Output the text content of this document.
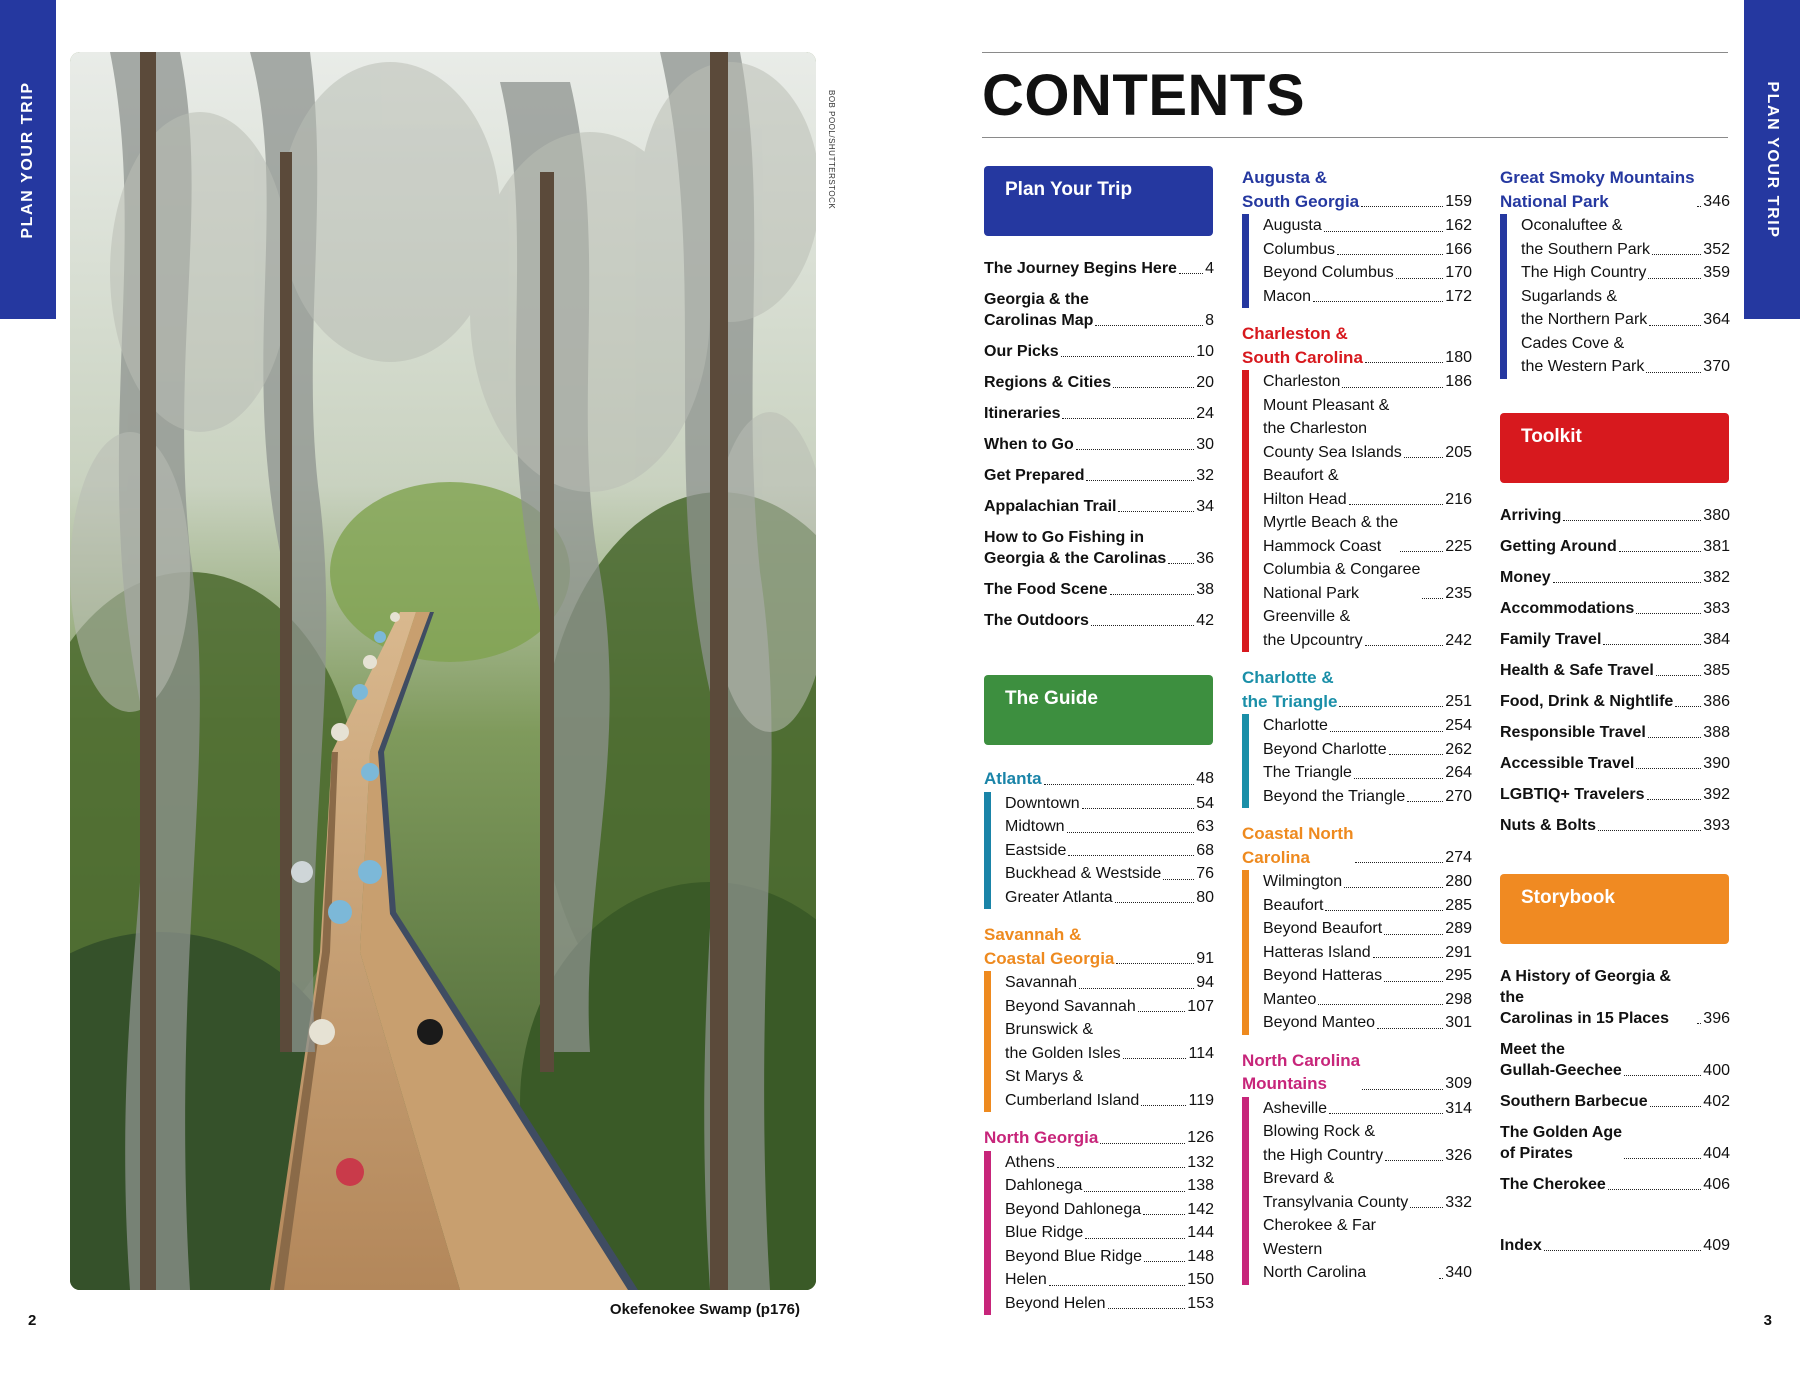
PLAN YOUR TRIP	PLAN YOUR TRIP
BOB POOL/SHUTTERSTOCK
Okefenokee Swamp (p176)
2	3
CONTENTS
Plan Your Trip
The Journey Begins Here 4
Georgia & the
Carolinas Map	8
Our Picks	10
Regions & Cities	20
Itineraries	24
When to Go	30
Get Prepared	32
Appalachian Trail	34
How to Go Fishing in
Georgia & the Carolinas 36
The Food Scene	38
The Outdoors	42
The Guide
Atlanta	48
Downtown	54
Midtown	63
Eastside	68
Buckhead & Westside 76
Greater Atlanta	80
Savannah &
Coastal Georgia	91
Savannah	94
Beyond Savannah	107
Brunswick &
the Golden Isles	114
St Marys &
Cumberland Island	119
North Georgia	126
Athens	132
Dahlonega	138
Beyond Dahlonega	142
Blue Ridge	144
Beyond Blue Ridge	148
Helen	150
Beyond Helen	153
Augusta &
South Georgia	159
Augusta	162
Columbus	166
Beyond Columbus	170
Macon	172
Charleston &
South Carolina	180
Charleston	186
Mount Pleasant &
the Charleston
County Sea Islands	205
Beaufort &
Hilton Head	216
Myrtle Beach & the
Hammock Coast	225
Columbia & Congaree
National Park	235
Greenville &
the Upcountry	242
Charlotte &
the Triangle	251
Charlotte	254
Beyond Charlotte	262
The Triangle	264
Beyond the Triangle 270
Coastal North
Carolina	274
Wilmington	280
Beaufort	285
Beyond Beaufort	289
Hatteras Island	291
Beyond Hatteras	295
Manteo	298
Beyond Manteo	301
North Carolina
Mountains	309
Asheville	314
Blowing Rock &
the High Country	326
Brevard &
Transylvania County 332
Cherokee & Far Western
North Carolina	340
Great Smoky Mountains
National Park	346
Oconaluftee &
the Southern Park	352
The High Country	359
Sugarlands &
the Northern Park	364
Cades Cove &
the Western Park	370
Toolkit
Arriving	380
Getting Around	381
Money	382
Accommodations	383
Family Travel	384
Health & Safe Travel	385
Food, Drink & Nightlife 386
Responsible Travel	388
Accessible Travel	390
LGBTIQ+ Travelers	392
Nuts & Bolts	393
Storybook
A History of Georgia & the
Carolinas in 15 Places	396
Meet the
Gullah-Geechee	400
Southern Barbecue	402
The Golden Age
of Pirates	404
The Cherokee	406
Index	409
